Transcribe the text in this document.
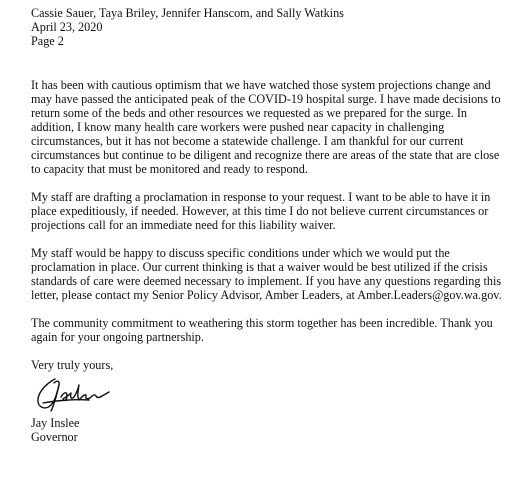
Cassie Sauer, Taya Briley, Jennifer Hanscom, and Sally Watkins
April 23, 2020
Page 2

It has been with cautious optimism that we have watched those system projections change and may have passed the anticipated peak of the COVID-19 hospital surge. I have made decisions to return some of the beds and other resources we requested as we prepared for the surge. In addition, I know many health care workers were pushed near capacity in challenging circumstances, but it has not become a statewide challenge. I am thankful for our current circumstances but continue to be diligent and recognize there are areas of the state that are close to capacity that must be monitored and ready to respond.

My staff are drafting a proclamation in response to your request. I want to be able to have it in place expeditiously, if needed. However, at this time I do not believe current circumstances or projections call for an immediate need for this liability waiver.

My staff would be happy to discuss specific conditions under which we would put the proclamation in place. Our current thinking is that a waiver would be best utilized if the crisis standards of care were deemed necessary to implement. If you have any questions regarding this letter, please contact my Senior Policy Advisor, Amber Leaders, at Amber.Leaders@gov.wa.gov.

The community commitment to weathering this storm together has been incredible. Thank you again for your ongoing partnership.

Very truly yours,

Jay Inslee
Governor
